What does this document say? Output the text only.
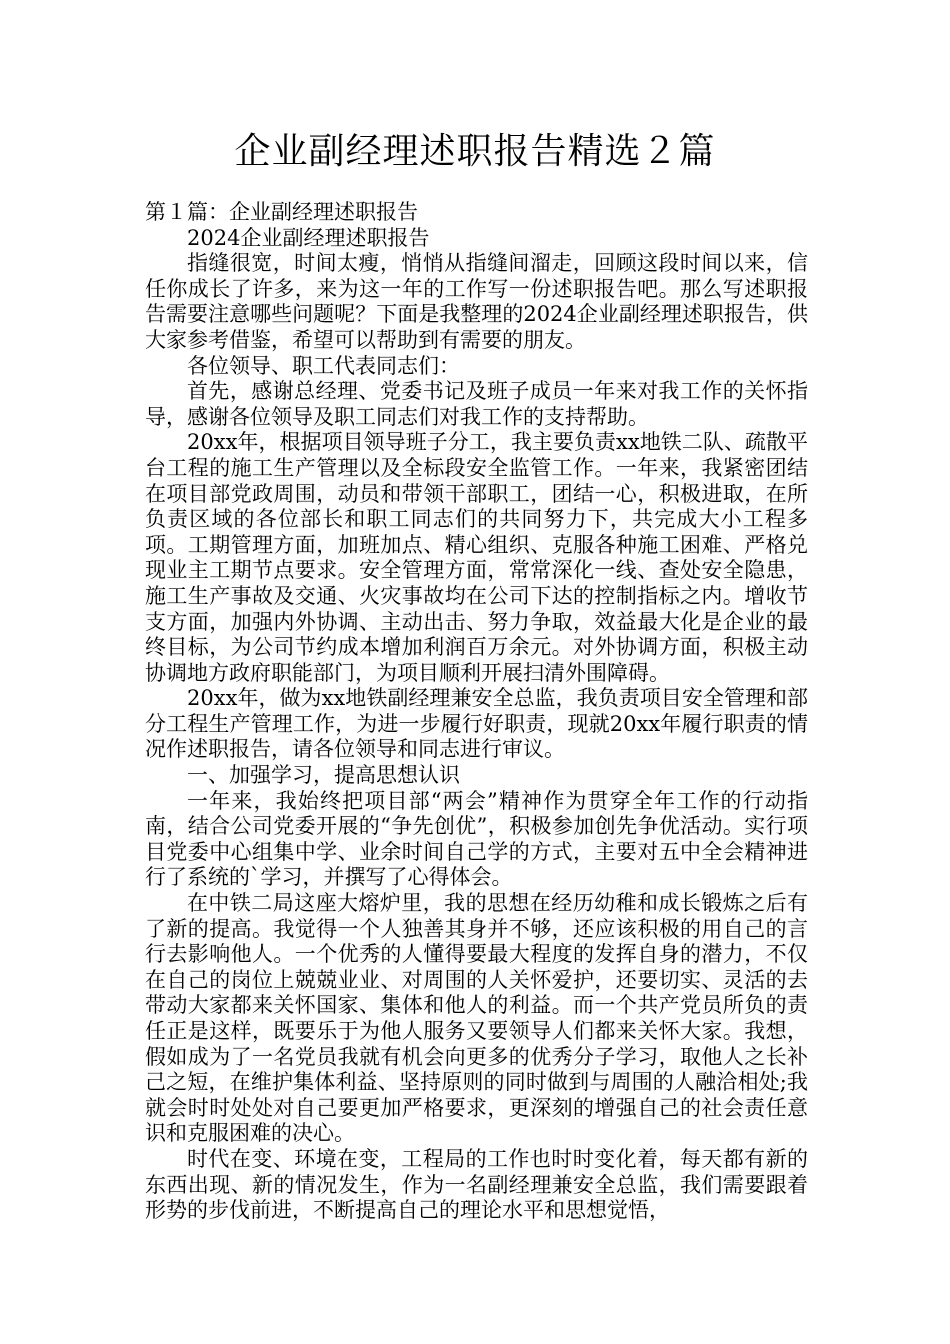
企业副经理述职报告精选２篇

第１篇：企业副经理述职报告

2024企业副经理述职报告

指缝很宽，时间太瘦，悄悄从指缝间溜走，回顾这段时间以来，信任你成长了许多，来为这一年的工作写一份述职报告吧。那么写述职报告需要注意哪些问题呢？下面是我整理的2024企业副经理述职报告，供大家参考借鉴，希望可以帮助到有需要的朋友。

各位领导、职工代表同志们：

首先，感谢总经理、党委书记及班子成员一年来对我工作的关怀指导，感谢各位领导及职工同志们对我工作的支持帮助。

20xx年，根据项目领导班子分工，我主要负责xx地铁二队、疏散平台工程的施工生产管理以及全标段安全监管工作。一年来，我紧密团结在项目部党政周围，动员和带领干部职工，团结一心，积极进取，在所负责区域的各位部长和职工同志们的共同努力下，共完成大小工程多项。工期管理方面，加班加点、精心组织、克服各种施工困难、严格兑现业主工期节点要求。安全管理方面，常常深化一线、查处安全隐患，施工生产事故及交通、火灾事故均在公司下达的控制指标之内。增收节支方面，加强内外协调、主动出击、努力争取，效益最大化是企业的最终目标，为公司节约成本增加利润百万余元。对外协调方面，积极主动协调地方政府职能部门，为项目顺利开展扫清外围障碍。

20xx年，做为xx地铁副经理兼安全总监，我负责项目安全管理和部分工程生产管理工作，为进一步履行好职责，现就20xx年履行职责的情况作述职报告，请各位领导和同志进行审议。

一、加强学习，提高思想认识

一年来，我始终把项目部“两会”精神作为贯穿全年工作的行动指南，结合公司党委开展的“争先创优”，积极参加创先争优活动。实行项目党委中心组集中学、业余时间自己学的方式，主要对五中全会精神进行了系统的`学习，并撰写了心得体会。

在中铁二局这座大熔炉里，我的思想在经历幼稚和成长锻炼之后有了新的提高。我觉得一个人独善其身并不够，还应该积极的用自己的言行去影响他人。一个优秀的人懂得要最大程度的发挥自身的潜力，不仅在自己的岗位上兢兢业业、对周围的人关怀爱护，还要切实、灵活的去带动大家都来关怀国家、集体和他人的利益。而一个共产党员所负的责任正是这样，既要乐于为他人服务又要领导人们都来关怀大家。我想，假如成为了一名党员我就有机会向更多的优秀分子学习，取他人之长补己之短，在维护集体利益、坚持原则的同时做到与周围的人融洽相处;我就会时时处处对自己要更加严格要求，更深刻的增强自己的社会责任意识和克服困难的决心。

时代在变、环境在变，工程局的工作也时时变化着，每天都有新的东西出现、新的情况发生，作为一名副经理兼安全总监，我们需要跟着形势的步伐前进，不断提高自己的理论水平和思想觉悟，
